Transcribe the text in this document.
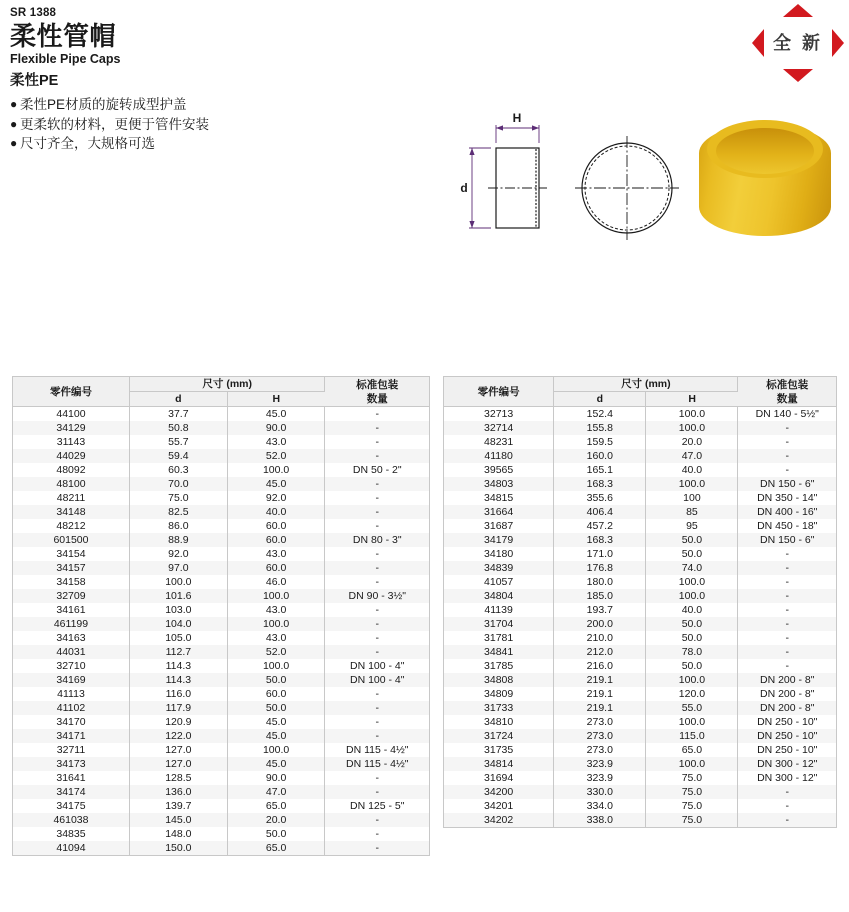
SR 1388
柔性管帽
Flexible Pipe Caps
柔性PE
● 柔性PE材质的旋转成型护盖
● 更柔软的材料，更便于管件安装
● 尺寸齐全，大规格可选
全 新
H
d
零件编号	尺寸 (mm)		标准包装
数量

	d	H	
44100	37.7	45.0	-
34129	50.8	90.0	-
31143	55.7	43.0	-
44029	59.4	52.0	-
48092	60.3	100.0	DN 50 - 2"
48100	70.0	45.0	-
48211	75.0	92.0	-
34148	82.5	40.0	-
48212	86.0	60.0	-
601500	88.9	60.0	DN 80 - 3"
34154	92.0	43.0	-
34157	97.0	60.0	-
34158	100.0	46.0	-
32709	101.6	100.0	DN 90 - 3½"
34161	103.0	43.0	-
461199	104.0	100.0	-
34163	105.0	43.0	-
44031	112.7	52.0	-
32710	114.3	100.0	DN 100 - 4"
34169	114.3	50.0	DN 100 - 4"
41113	116.0	60.0	-
41102	117.9	50.0	-
34170	120.9	45.0	-
34171	122.0	45.0	-
32711	127.0	100.0	DN 115 - 4½"
34173	127.0	45.0	DN 115 - 4½"
31641	128.5	90.0	-
34174	136.0	47.0	-
34175	139.7	65.0	DN 125 - 5"
461038	145.0	20.0	-
34835	148.0	50.0	-
41094	150.0	65.0	-
零件编号	尺寸 (mm)		标准包装
数量

	d	H	
32713	152.4	100.0	DN 140 - 5½"
32714	155.8	100.0	-
48231	159.5	20.0	-
41180	160.0	47.0	-
39565	165.1	40.0	-
34803	168.3	100.0	DN 150 - 6"
34815	355.6	100	DN 350 - 14"
31664	406.4	85	DN 400 - 16"
31687	457.2	95	DN 450 - 18"
34179	168.3	50.0	DN 150 - 6"
34180	171.0	50.0	-
34839	176.8	74.0	-
41057	180.0	100.0	-
34804	185.0	100.0	-
41139	193.7	40.0	-
31704	200.0	50.0	-
31781	210.0	50.0	-
34841	212.0	78.0	-
31785	216.0	50.0	-
34808	219.1	100.0	DN 200 - 8"
34809	219.1	120.0	DN 200 - 8"
31733	219.1	55.0	DN 200 - 8"
34810	273.0	100.0	DN 250 - 10"
31724	273.0	115.0	DN 250 - 10"
31735	273.0	65.0	DN 250 - 10"
34814	323.9	100.0	DN 300 - 12"
31694	323.9	75.0	DN 300 - 12"
34200	330.0	75.0	-
34201	334.0	75.0	-
34202	338.0	75.0	-
